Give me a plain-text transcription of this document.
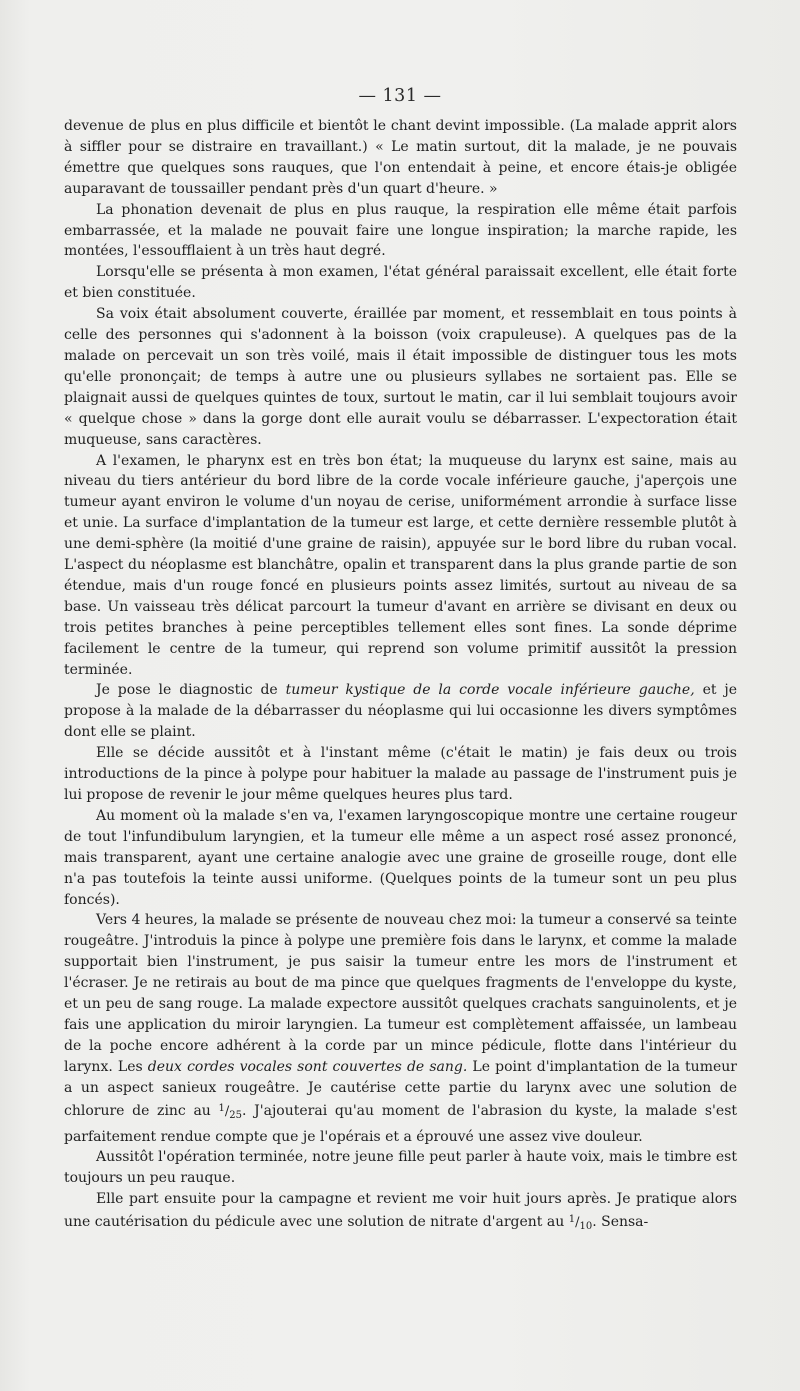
— 131 —

devenue de plus en plus difficile et bientôt le chant devint impossible. (La malade apprit alors à siffler pour se distraire en travaillant.) « Le matin surtout, dit la malade, je ne pouvais émettre que quelques sons rauques, que l'on entendait à peine, et encore étais-je obligée auparavant de toussailler pendant près d'un quart d'heure. »

La phonation devenait de plus en plus rauque, la respiration elle même était parfois embarrassée, et la malade ne pouvait faire une longue inspiration; la marche rapide, les montées, l'essoufflaient à un très haut degré.

Lorsqu'elle se présenta à mon examen, l'état général paraissait excellent, elle était forte et bien constituée.

Sa voix était absolument couverte, éraillée par moment, et ressemblait en tous points à celle des personnes qui s'adonnent à la boisson (voix crapuleuse). A quelques pas de la malade on percevait un son très voilé, mais il était impossible de distinguer tous les mots qu'elle prononçait; de temps à autre une ou plusieurs syllabes ne sortaient pas. Elle se plaignait aussi de quelques quintes de toux, surtout le matin, car il lui semblait toujours avoir « quelque chose » dans la gorge dont elle aurait voulu se débarrasser. L'expectoration était muqueuse, sans caractères.

A l'examen, le pharynx est en très bon état; la muqueuse du larynx est saine, mais au niveau du tiers antérieur du bord libre de la corde vocale inférieure gauche, j'aperçois une tumeur ayant environ le volume d'un noyau de cerise, uniformément arrondie à surface lisse et unie. La surface d'implantation de la tumeur est large, et cette dernière ressemble plutôt à une demi-sphère (la moitié d'une graine de raisin), appuyée sur le bord libre du ruban vocal. L'aspect du néoplasme est blanchâtre, opalin et transparent dans la plus grande partie de son étendue, mais d'un rouge foncé en plusieurs points assez limités, surtout au niveau de sa base. Un vaisseau très délicat parcourt la tumeur d'avant en arrière se divisant en deux ou trois petites branches à peine perceptibles tellement elles sont fines. La sonde déprime facilement le centre de la tumeur, qui reprend son volume primitif aussitôt la pression terminée.

Je pose le diagnostic de tumeur kystique de la corde vocale inférieure gauche, et je propose à la malade de la débarrasser du néoplasme qui lui occasionne les divers symptômes dont elle se plaint.

Elle se décide aussitôt et à l'instant même (c'était le matin) je fais deux ou trois introductions de la pince à polype pour habituer la malade au passage de l'instrument puis je lui propose de revenir le jour même quelques heures plus tard.

Au moment où la malade s'en va, l'examen laryngoscopique montre une certaine rougeur de tout l'infundibulum laryngien, et la tumeur elle même a un aspect rosé assez prononcé, mais transparent, ayant une certaine analogie avec une graine de groseille rouge, dont elle n'a pas toutefois la teinte aussi uniforme. (Quelques points de la tumeur sont un peu plus foncés).

Vers 4 heures, la malade se présente de nouveau chez moi: la tumeur a conservé sa teinte rougeâtre. J'introduis la pince à polype une première fois dans le larynx, et comme la malade supportait bien l'instrument, je pus saisir la tumeur entre les mors de l'instrument et l'écraser. Je ne retirais au bout de ma pince que quelques fragments de l'enveloppe du kyste, et un peu de sang rouge. La malade expectore aussitôt quelques crachats sanguinolents, et je fais une application du miroir laryngien. La tumeur est complètement affaissée, un lambeau de la poche encore adhérent à la corde par un mince pédicule, flotte dans l'intérieur du larynx. Les deux cordes vocales sont couvertes de sang. Le point d'implantation de la tumeur a un aspect sanieux rougeâtre. Je cautérise cette partie du larynx avec une solution de chlorure de zinc au $^1/_{25}$. J'ajouterai qu'au moment de l'abrasion du kyste, la malade s'est parfaitement rendue compte que je l'opérais et a éprouvé une assez vive douleur.

Aussitôt l'opération terminée, notre jeune fille peut parler à haute voix, mais le timbre est toujours un peu rauque.

Elle part ensuite pour la campagne et revient me voir huit jours après. Je pratique alors une cautérisation du pédicule avec une solution de nitrate d'argent au $^1/_{10}$. Sensa-
